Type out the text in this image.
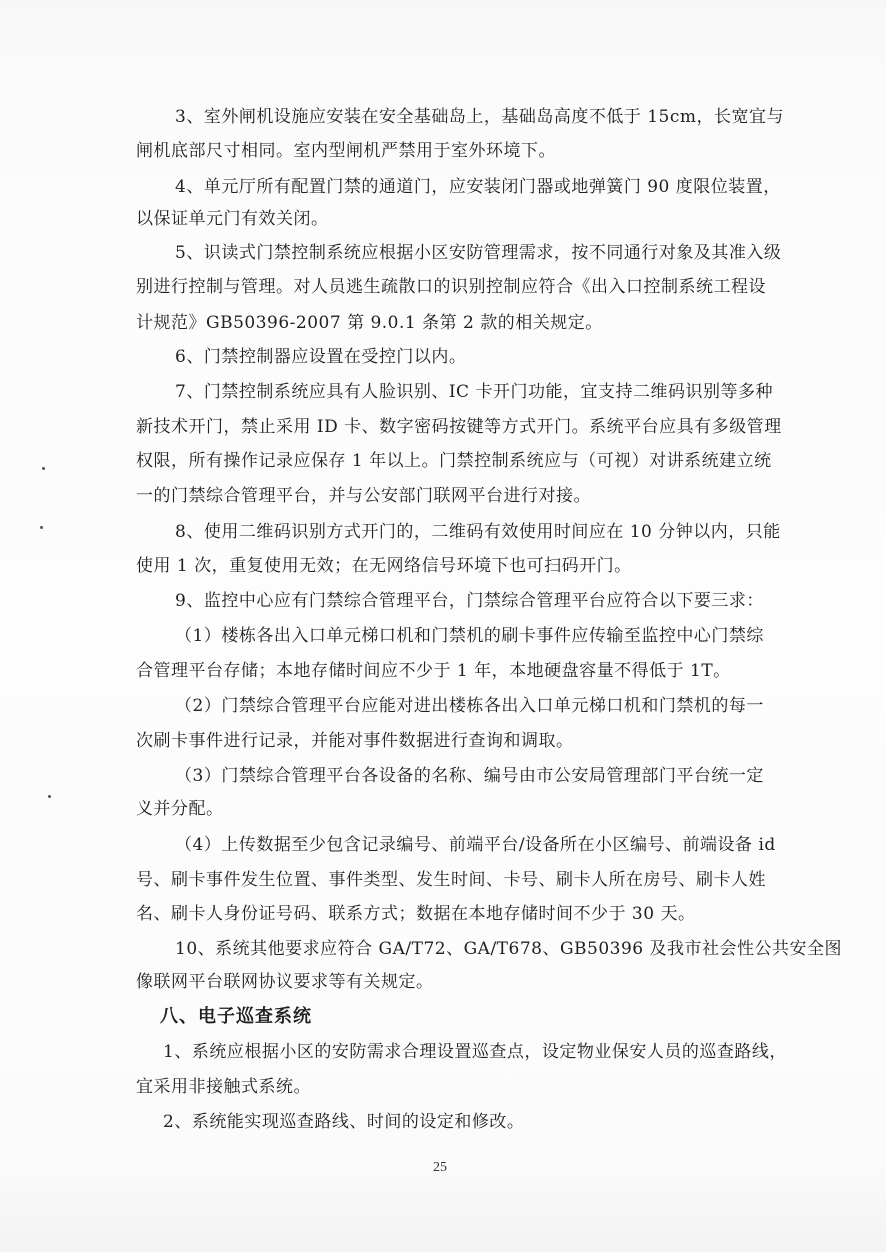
3、室外闸机设施应安装在安全基础岛上，基础岛高度不低于 15cm，长宽宜与
闸机底部尺寸相同。室内型闸机严禁用于室外环境下。
4、单元厅所有配置门禁的通道门，应安装闭门器或地弹簧门 90 度限位装置，
以保证单元门有效关闭。
5、识读式门禁控制系统应根据小区安防管理需求，按不同通行对象及其准入级
别进行控制与管理。对人员逃生疏散口的识别控制应符合《出入口控制系统工程设
计规范》GB50396-2007 第 9.0.1 条第 2 款的相关规定。
6、门禁控制器应设置在受控门以内。
7、门禁控制系统应具有人脸识别、IC 卡开门功能，宜支持二维码识别等多种
新技术开门，禁止采用 ID 卡、数字密码按键等方式开门。系统平台应具有多级管理
权限，所有操作记录应保存 1 年以上。门禁控制系统应与（可视）对讲系统建立统
一的门禁综合管理平台，并与公安部门联网平台进行对接。
8、使用二维码识别方式开门的，二维码有效使用时间应在 10 分钟以内，只能
使用 1 次，重复使用无效；在无网络信号环境下也可扫码开门。
9、监控中心应有门禁综合管理平台，门禁综合管理平台应符合以下要三求：
（1）楼栋各出入口单元梯口机和门禁机的刷卡事件应传输至监控中心门禁综
合管理平台存储；本地存储时间应不少于 1 年，本地硬盘容量不得低于 1T。
（2）门禁综合管理平台应能对进出楼栋各出入口单元梯口机和门禁机的每一
次刷卡事件进行记录，并能对事件数据进行查询和调取。
（3）门禁综合管理平台各设备的名称、编号由市公安局管理部门平台统一定
义并分配。
（4）上传数据至少包含记录编号、前端平台/设备所在小区编号、前端设备 id
号、刷卡事件发生位置、事件类型、发生时间、卡号、刷卡人所在房号、刷卡人姓
名、刷卡人身份证号码、联系方式；数据在本地存储时间不少于 30 天。
10、系统其他要求应符合 GA/T72、GA/T678、GB50396 及我市社会性公共安全图
像联网平台联网协议要求等有关规定。
八、电子巡查系统
1、系统应根据小区的安防需求合理设置巡查点，设定物业保安人员的巡查路线，
宜采用非接触式系统。
2、系统能实现巡查路线、时间的设定和修改。
25
